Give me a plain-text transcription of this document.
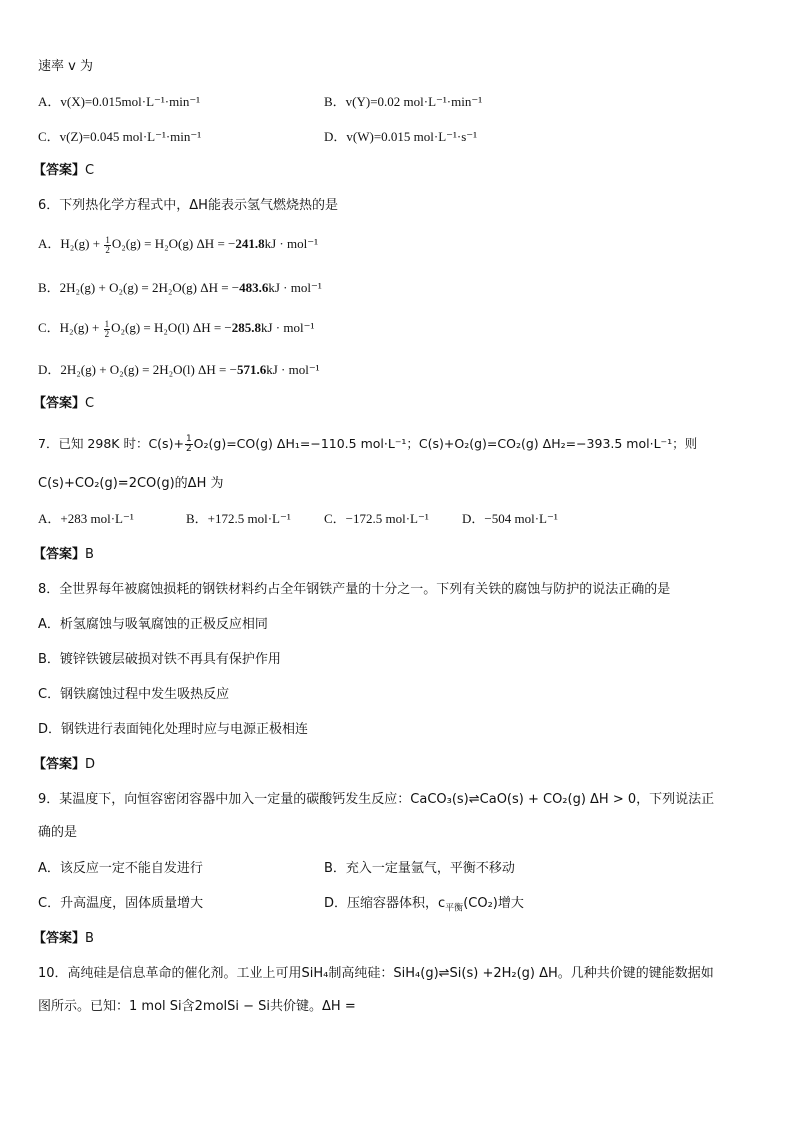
速率 v 为
A．v(X)=0.015mol·L⁻¹·min⁻¹	B．v(Y)=0.02 mol·L⁻¹·min⁻¹
C．v(Z)=0.045 mol·L⁻¹·min⁻¹	D．v(W)=0.015 mol·L⁻¹·s⁻¹
【答案】C
6．下列热化学方程式中，ΔH能表示氢气燃烧热的是
A．$H_2(g) + \frac{1}{2} O_2(g) = H_2O(g) \Delta H = -241.8kJ \cdot mol^{-1}$
B．2H₂(g) + O₂(g) = 2H₂O(g) ΔH = −483.6kJ · mol⁻¹
C．$H_2(g) + \frac{1}{2} O_2(g) = H_2O(l) \Delta H = -285.8kJ \cdot mol^{-1}$
D．2H₂(g) + O₂(g) = 2H₂O(l) ΔH = −571.6kJ · mol⁻¹
【答案】C
7．已知 298K 时：$C(s)+ \frac{1}{2} O_2(g)=CO(g)$ ΔH₁=−110.5 mol·L⁻¹；C(s)+O₂(g)=CO₂(g) ΔH₂=−393.5 mol·L⁻¹；则
C(s)+CO₂(g)=2CO(g)的ΔH 为
A．+283 mol·L⁻¹	B．+172.5 mol·L⁻¹	C．−172.5 mol·L⁻¹	D．−504 mol·L⁻¹
【答案】B
8．全世界每年被腐蚀损耗的钢铁材料约占全年钢铁产量的十分之一。下列有关铁的腐蚀与防护的说法正确的是
A．析氢腐蚀与吸氧腐蚀的正极反应相同
B．镀锌铁镀层破损对铁不再具有保护作用
C．钢铁腐蚀过程中发生吸热反应
D．钢铁进行表面钝化处理时应与电源正极相连
【答案】D
9．某温度下，向恒容密闭容器中加入一定量的碳酸钙发生反应：CaCO₃(s)⇌CaO(s) + CO₂(g) ΔH > 0，下列说法正
确的是
A．该反应一定不能自发进行	B．充入一定量氩气，平衡不移动
C．升高温度，固体质量增大	D．压缩容器体积，$c_{平衡}(CO_2)$增大
【答案】B
10．高纯硅是信息革命的催化剂。工业上可用SiH₄制高纯硅：SiH₄(g)⇌Si(s) +2H₂(g) ΔH。几种共价键的键能数据如
图所示。已知：1 mol Si含2molSi − Si共价键。ΔH =
